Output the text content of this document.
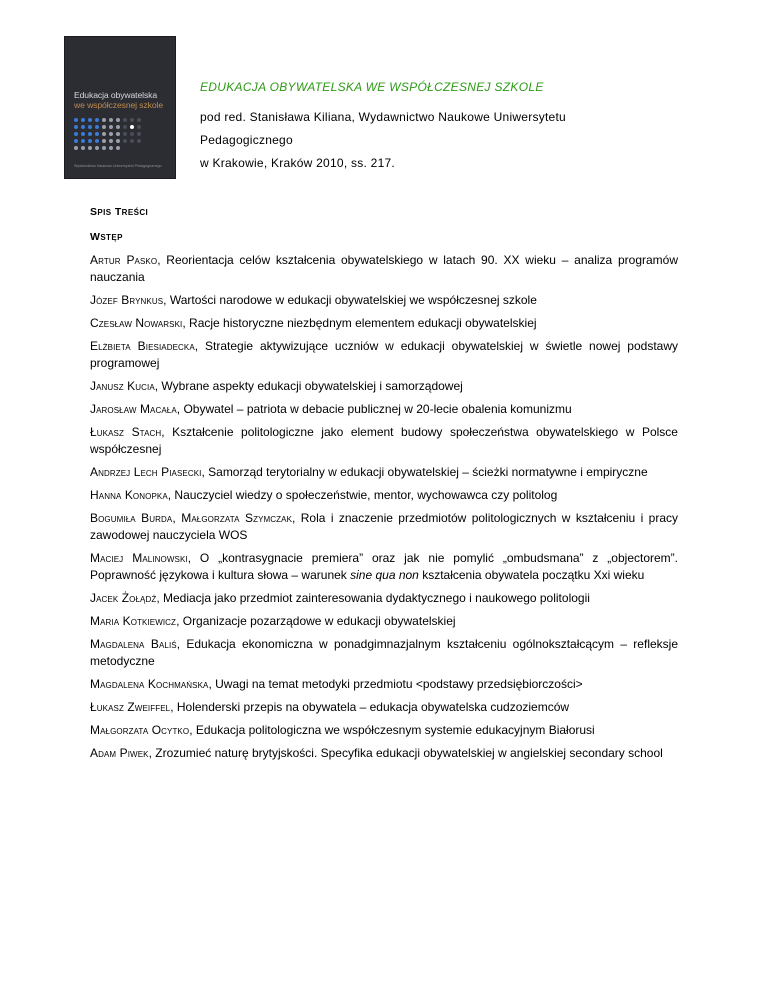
Edukacja obywatelska
we współczesnej szkole
Wydawnictwo Naukowe Uniwersytetu Pedagogicznego
EDUKACJA OBYWATELSKA WE WSPÓŁCZESNEJ SZKOLE
pod red. Stanisława Kiliana, Wydawnictwo Naukowe Uniwersytetu Pedagogicznego
w Krakowie, Kraków 2010, ss. 217.
SPIS TREŚCI
WSTĘP
Artur Pasko, Reorientacja celów kształcenia obywatelskiego w latach 90. XX wieku – analiza programów nauczania
Józef Brynkus, Wartości narodowe w edukacji obywatelskiej we współczesnej szkole
Czesław Nowarski, Racje historyczne niezbędnym elementem edukacji obywatelskiej
Elżbieta Biesiadecka, Strategie aktywizujące uczniów w edukacji obywatelskiej w świetle nowej podstawy programowej
Janusz Kucia, Wybrane aspekty edukacji obywatelskiej i samorządowej
Jarosław Macała, Obywatel – patriota w debacie publicznej w 20-lecie obalenia komunizmu
Łukasz Stach, Kształcenie politologiczne jako element budowy społeczeństwa obywatelskiego w Polsce współczesnej
Andrzej Lech Piasecki, Samorząd terytorialny w edukacji obywatelskiej – ścieżki normatywne i empiryczne
Hanna Konopka, Nauczyciel wiedzy o społeczeństwie, mentor, wychowawca czy politolog
Bogumiła Burda, Małgorzata Szymczak, Rola i znaczenie przedmiotów politologicznych w kształceniu i pracy zawodowej nauczyciela WOS
Maciej Malinowski, O „kontrasygnacie premiera” oraz jak nie pomylić „ombudsmana” z „objectorem”. Poprawność językowa i kultura słowa – warunek sine qua non kształcenia obywatela początku Xxi wieku
Jacek Żołądź, Mediacja jako przedmiot zainteresowania dydaktycznego i naukowego politologii
Maria Kotkiewicz, Organizacje pozarządowe w edukacji obywatelskiej
Magdalena Baliś, Edukacja ekonomiczna w ponadgimnazjalnym kształceniu ogólnokształcącym – refleksje metodyczne
Magdalena Kochmańska, Uwagi na temat metodyki przedmiotu <podstawy przedsiębiorczości>
Łukasz Zweiffel, Holenderski przepis na obywatela – edukacja obywatelska cudzoziemców
Małgorzata Ocytko, Edukacja politologiczna we współczesnym systemie edukacyjnym Białorusi
Adam Piwek, Zrozumieć naturę brytyjskości. Specyfika edukacji obywatelskiej w angielskiej secondary school
